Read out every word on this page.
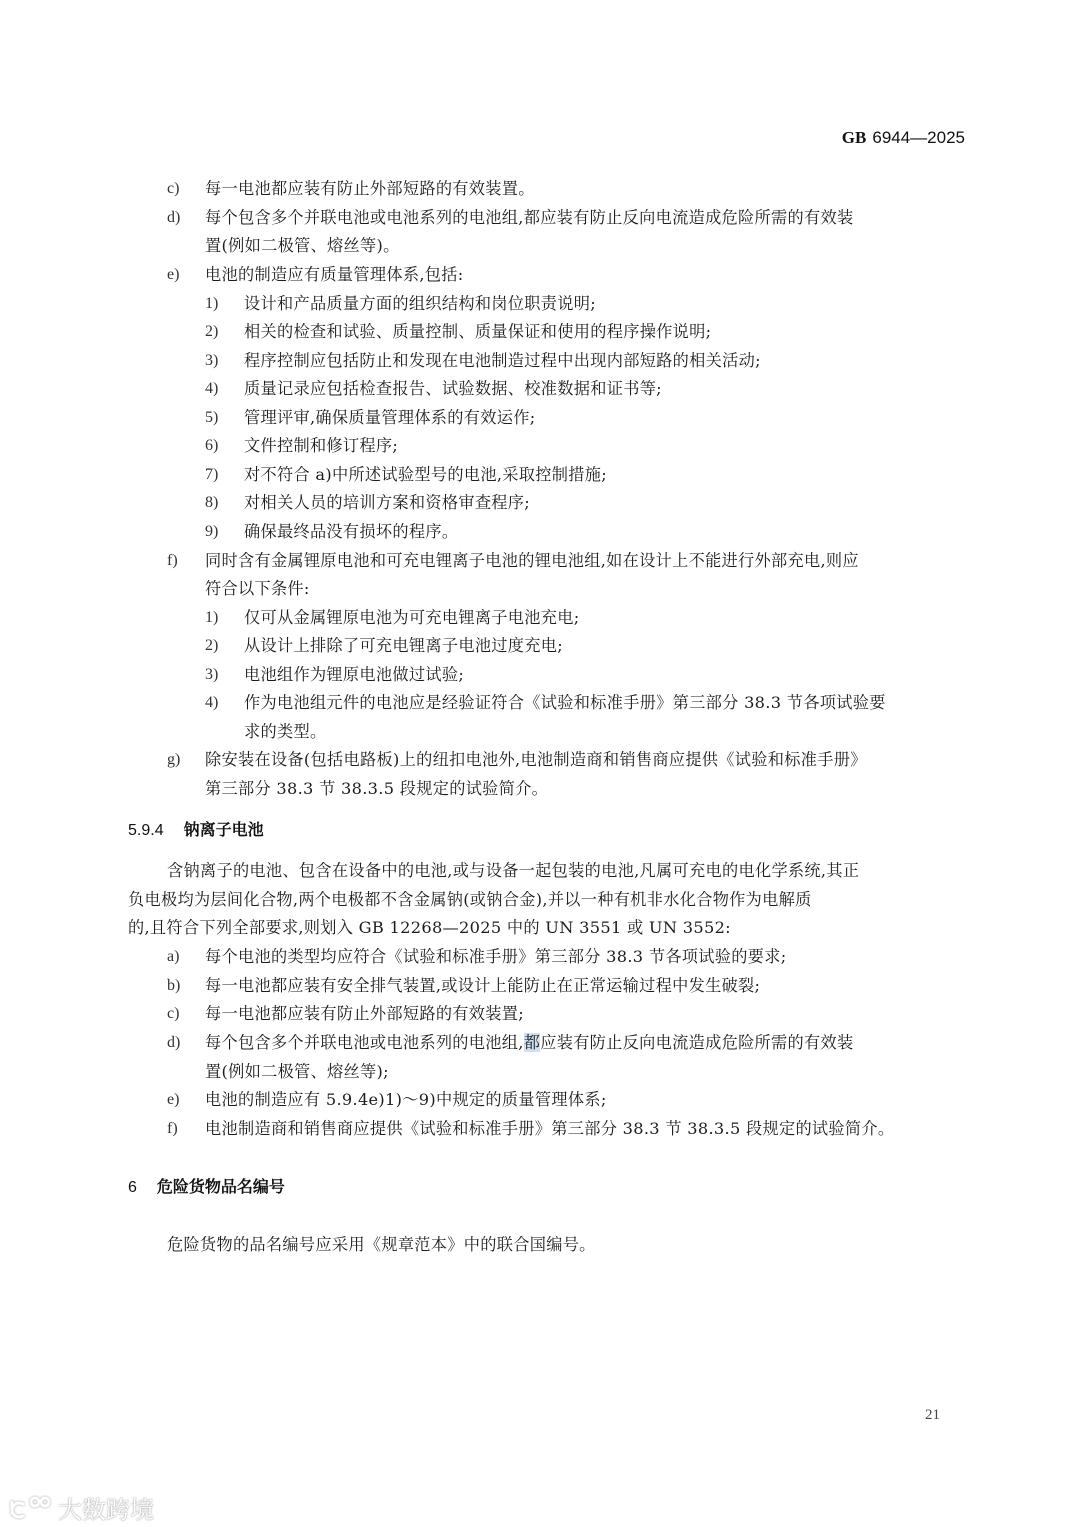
GB 6944—2025
c) 每一电池都应装有防止外部短路的有效装置。
d) 每个包含多个并联电池或电池系列的电池组,都应装有防止反向电流造成危险所需的有效装
置(例如二极管、熔丝等)。
e) 电池的制造应有质量管理体系,包括:
1) 设计和产品质量方面的组织结构和岗位职责说明;
2) 相关的检查和试验、质量控制、质量保证和使用的程序操作说明;
3) 程序控制应包括防止和发现在电池制造过程中出现内部短路的相关活动;
4) 质量记录应包括检查报告、试验数据、校准数据和证书等;
5) 管理评审,确保质量管理体系的有效运作;
6) 文件控制和修订程序;
7) 对不符合 a)中所述试验型号的电池,采取控制措施;
8) 对相关人员的培训方案和资格审查程序;
9) 确保最终品没有损坏的程序。
f) 同时含有金属锂原电池和可充电锂离子电池的锂电池组,如在设计上不能进行外部充电,则应
符合以下条件:
1) 仅可从金属锂原电池为可充电锂离子电池充电;
2) 从设计上排除了可充电锂离子电池过度充电;
3) 电池组作为锂原电池做过试验;
4) 作为电池组元件的电池应是经验证符合《试验和标准手册》第三部分 38.3 节各项试验要
求的类型。
g) 除安装在设备(包括电路板)上的纽扣电池外,电池制造商和销售商应提供《试验和标准手册》
第三部分 38.3 节 38.3.5 段规定的试验简介。
5.9.4 钠离子电池
含钠离子的电池、包含在设备中的电池,或与设备一起包装的电池,凡属可充电的电化学系统,其正
负电极均为层间化合物,两个电极都不含金属钠(或钠合金),并以一种有机非水化合物作为电解质
的,且符合下列全部要求,则划入 GB 12268—2025 中的 UN 3551 或 UN 3552:
a) 每个电池的类型均应符合《试验和标准手册》第三部分 38.3 节各项试验的要求;
b) 每一电池都应装有安全排气装置,或设计上能防止在正常运输过程中发生破裂;
c) 每一电池都应装有防止外部短路的有效装置;
d) 每个包含多个并联电池或电池系列的电池组,都应装有防止反向电流造成危险所需的有效装
置(例如二极管、熔丝等);
e) 电池的制造应有 5.9.4e)1)～9)中规定的质量管理体系;
f) 电池制造商和销售商应提供《试验和标准手册》第三部分 38.3 节 38.3.5 段规定的试验简介。
6 危险货物品名编号
危险货物的品名编号应采用《规章范本》中的联合国编号。
21
大数跨境
